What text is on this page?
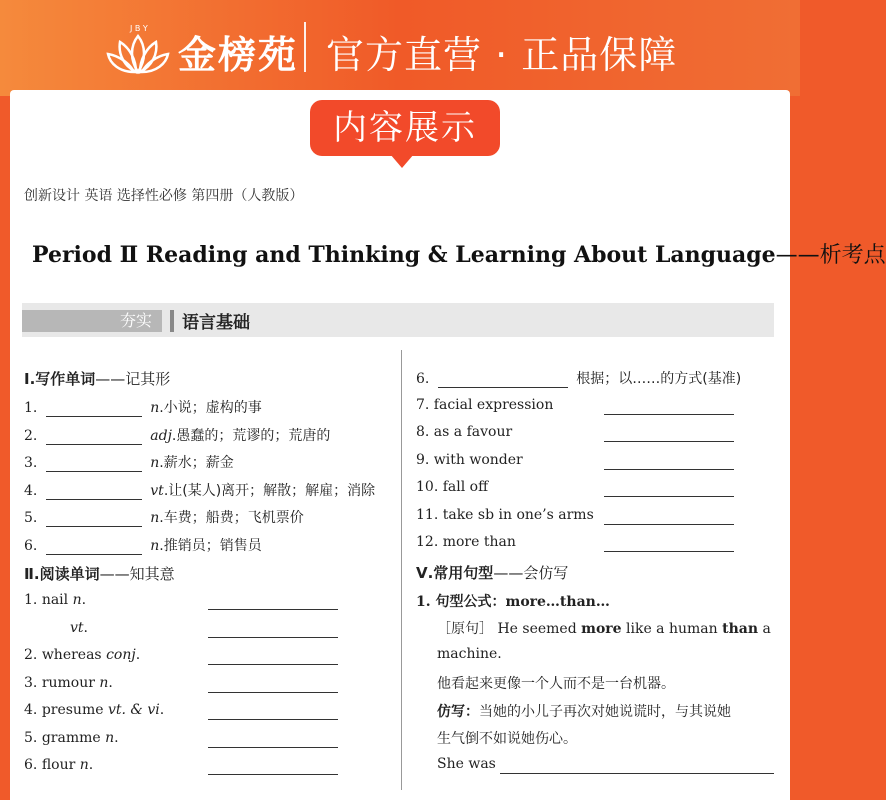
J B Y
金榜苑 官方直营 · 正品保障
内容展示
创新设计 英语 选择性必修 第四册（人教版）
Period Ⅱ Reading and Thinking & Learning About Language——析考点
夯实	语言基础
Ⅰ.写作单词——记其形
1.	n.小说；虚构的事
2.	adj.愚蠢的；荒谬的；荒唐的
3.	n.薪水；薪金
4.	vt.让(某人)离开；解散；解雇；消除
5.	n.车费；船费；飞机票价
6.	n.推销员；销售员
Ⅱ.阅读单词——知其意
1. nail n.
vt.
2. whereas conj.
3. rumour n.
4. presume vt. & vi.
5. gramme n.
6. flour n.
6.	根据；以……的方式(基准)
7. facial expression
8. as a favour
9. with wonder
10. fall off
11. take sb in one’s arms
12. more than
Ⅴ.常用句型——会仿写
1. 句型公式：more…than…
［原句］ He seemed more like a human than a
machine.
他看起来更像一个人而不是一台机器。
仿写：当她的小儿子再次对她说谎时，与其说她
生气倒不如说她伤心。
She was
